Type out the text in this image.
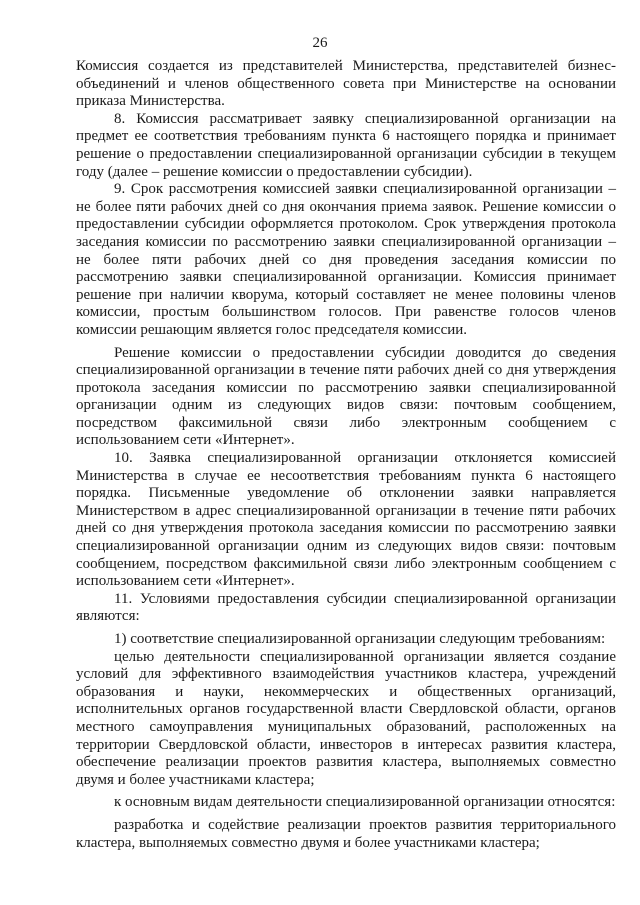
26

Комиссия создается из представителей Министерства, представителей бизнес-объединений и членов общественного совета при Министерстве на основании приказа Министерства.

8. Комиссия рассматривает заявку специализированной организации на предмет ее соответствия требованиям пункта 6 настоящего порядка и принимает решение о предоставлении специализированной организации субсидии в текущем году (далее – решение комиссии о предоставлении субсидии).

9. Срок рассмотрения комиссией заявки специализированной организации – не более пяти рабочих дней со дня окончания приема заявок. Решение комиссии о предоставлении субсидии оформляется протоколом. Срок утверждения протокола заседания комиссии по рассмотрению заявки специализированной организации – не более пяти рабочих дней со дня проведения заседания комиссии по рассмотрению заявки специализированной организации. Комиссия принимает решение при наличии кворума, который составляет не менее половины членов комиссии, простым большинством голосов. При равенстве голосов членов комиссии решающим является голос председателя комиссии.

Решение комиссии о предоставлении субсидии доводится до сведения специализированной организации в течение пяти рабочих дней со дня утверждения протокола заседания комиссии по рассмотрению заявки специализированной организации одним из следующих видов связи: почтовым сообщением, посредством факсимильной связи либо электронным сообщением с использованием сети «Интернет».

10. Заявка специализированной организации отклоняется комиссией Министерства в случае ее несоответствия требованиям пункта 6 настоящего порядка. Письменные уведомление об отклонении заявки направляется Министерством в адрес специализированной организации в течение пяти рабочих дней со дня утверждения протокола заседания комиссии по рассмотрению заявки специализированной организации одним из следующих видов связи: почтовым сообщением, посредством факсимильной связи либо электронным сообщением с использованием сети «Интернет».

11. Условиями предоставления субсидии специализированной организации являются:

1) соответствие специализированной организации следующим требованиям:

целью деятельности специализированной организации является создание условий для эффективного взаимодействия участников кластера, учреждений образования и науки, некоммерческих и общественных организаций, исполнительных органов государственной власти Свердловской области, органов местного самоуправления муниципальных образований, расположенных на территории Свердловской области, инвесторов в интересах развития кластера, обеспечение реализации проектов развития кластера, выполняемых совместно двумя и более участниками кластера;

к основным видам деятельности специализированной организации относятся:

разработка и содействие реализации проектов развития территориального кластера, выполняемых совместно двумя и более участниками кластера;
